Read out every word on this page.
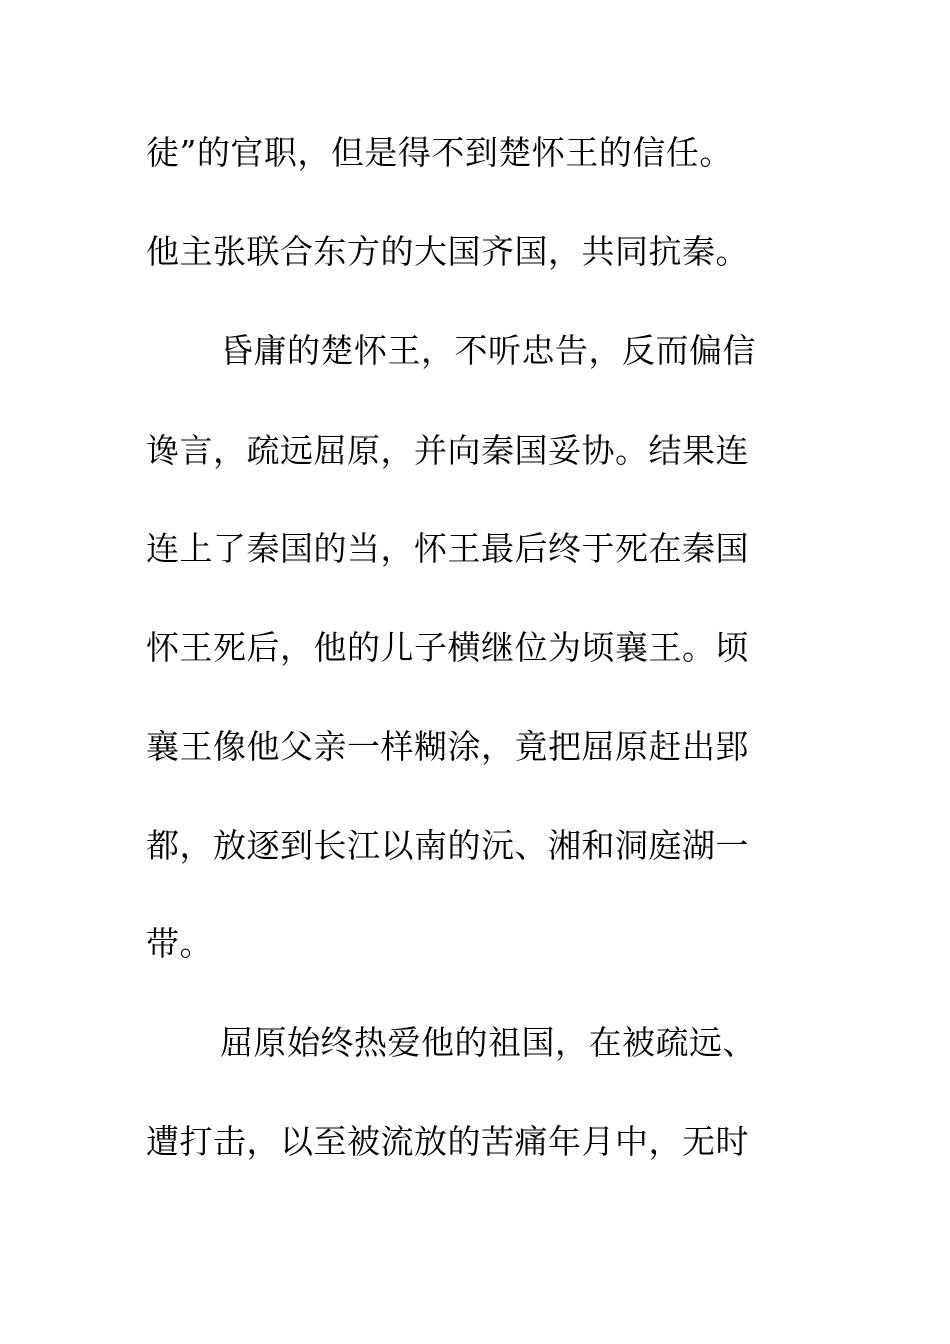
徒”的官职，但是得不到楚怀王的信任。
他主张联合东方的大国齐国，共同抗秦。
昏庸的楚怀王，不听忠告，反而偏信
谗言，疏远屈原，并向秦国妥协。结果连
连上了秦国的当，怀王最后终于死在秦国
怀王死后，他的儿子横继位为顷襄王。顷
襄王像他父亲一样糊涂，竟把屈原赶出郢
都，放逐到长江以南的沅、湘和洞庭湖一
带。
屈原始终热爱他的祖国，在被疏远、
遭打击，以至被流放的苦痛年月中，无时
